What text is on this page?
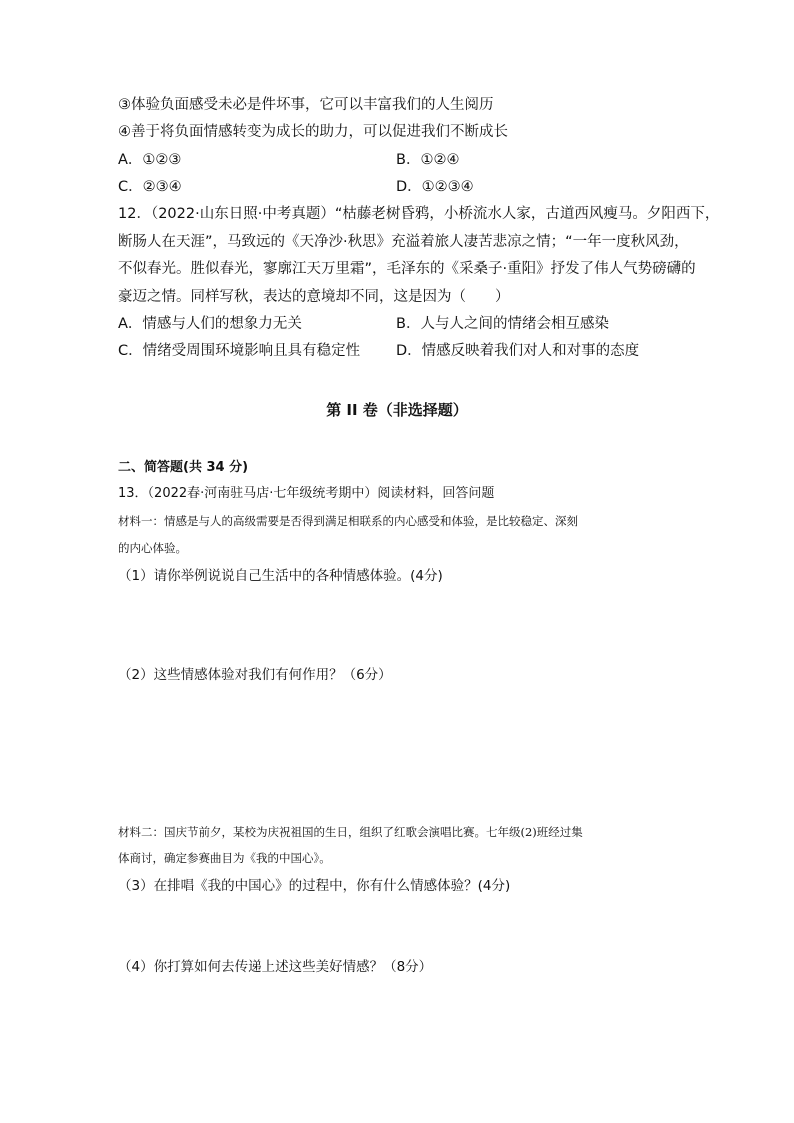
③体验负面感受未必是件坏事，它可以丰富我们的人生阅历
④善于将负面情感转变为成长的助力，可以促进我们不断成长
A．①②③	B．①②④
C．②③④	D．①②③④
12．（2022·山东日照·中考真题）“枯藤老树昏鸦，小桥流水人家，古道西风瘦马。夕阳西下，
断肠人在天涯”，马致远的《天净沙·秋思》充溢着旅人凄苦悲凉之情；“一年一度秋风劲，
不似春光。胜似春光，寥廓江天万里霜”，毛泽东的《采桑子·重阳》抒发了伟人气势磅礴的
豪迈之情。同样写秋，表达的意境却不同，这是因为（　　）
A．情感与人们的想象力无关	B．人与人之间的情绪会相互感染
C．情绪受周围环境影响且具有稳定性 D．情感反映着我们对人和对事的态度
第 II 卷（非选择题）
二、简答题(共 34 分)
13．（2022春·河南驻马店·七年级统考期中）阅读材料，回答问题
材料一：情感是与人的高级需要是否得到满足相联系的内心感受和体验，是比较稳定、深刻
的内心体验。
（1）请你举例说说自己生活中的各种情感体验。(4分)
（2）这些情感体验对我们有何作用？（6分）
材料二：国庆节前夕，某校为庆祝祖国的生日，组织了红歌会演唱比赛。七年级(2)班经过集
体商讨，确定参赛曲目为《我的中国心》。
（3）在排唱《我的中国心》的过程中，你有什么情感体验？(4分)
（4）你打算如何去传递上述这些美好情感？（8分）
